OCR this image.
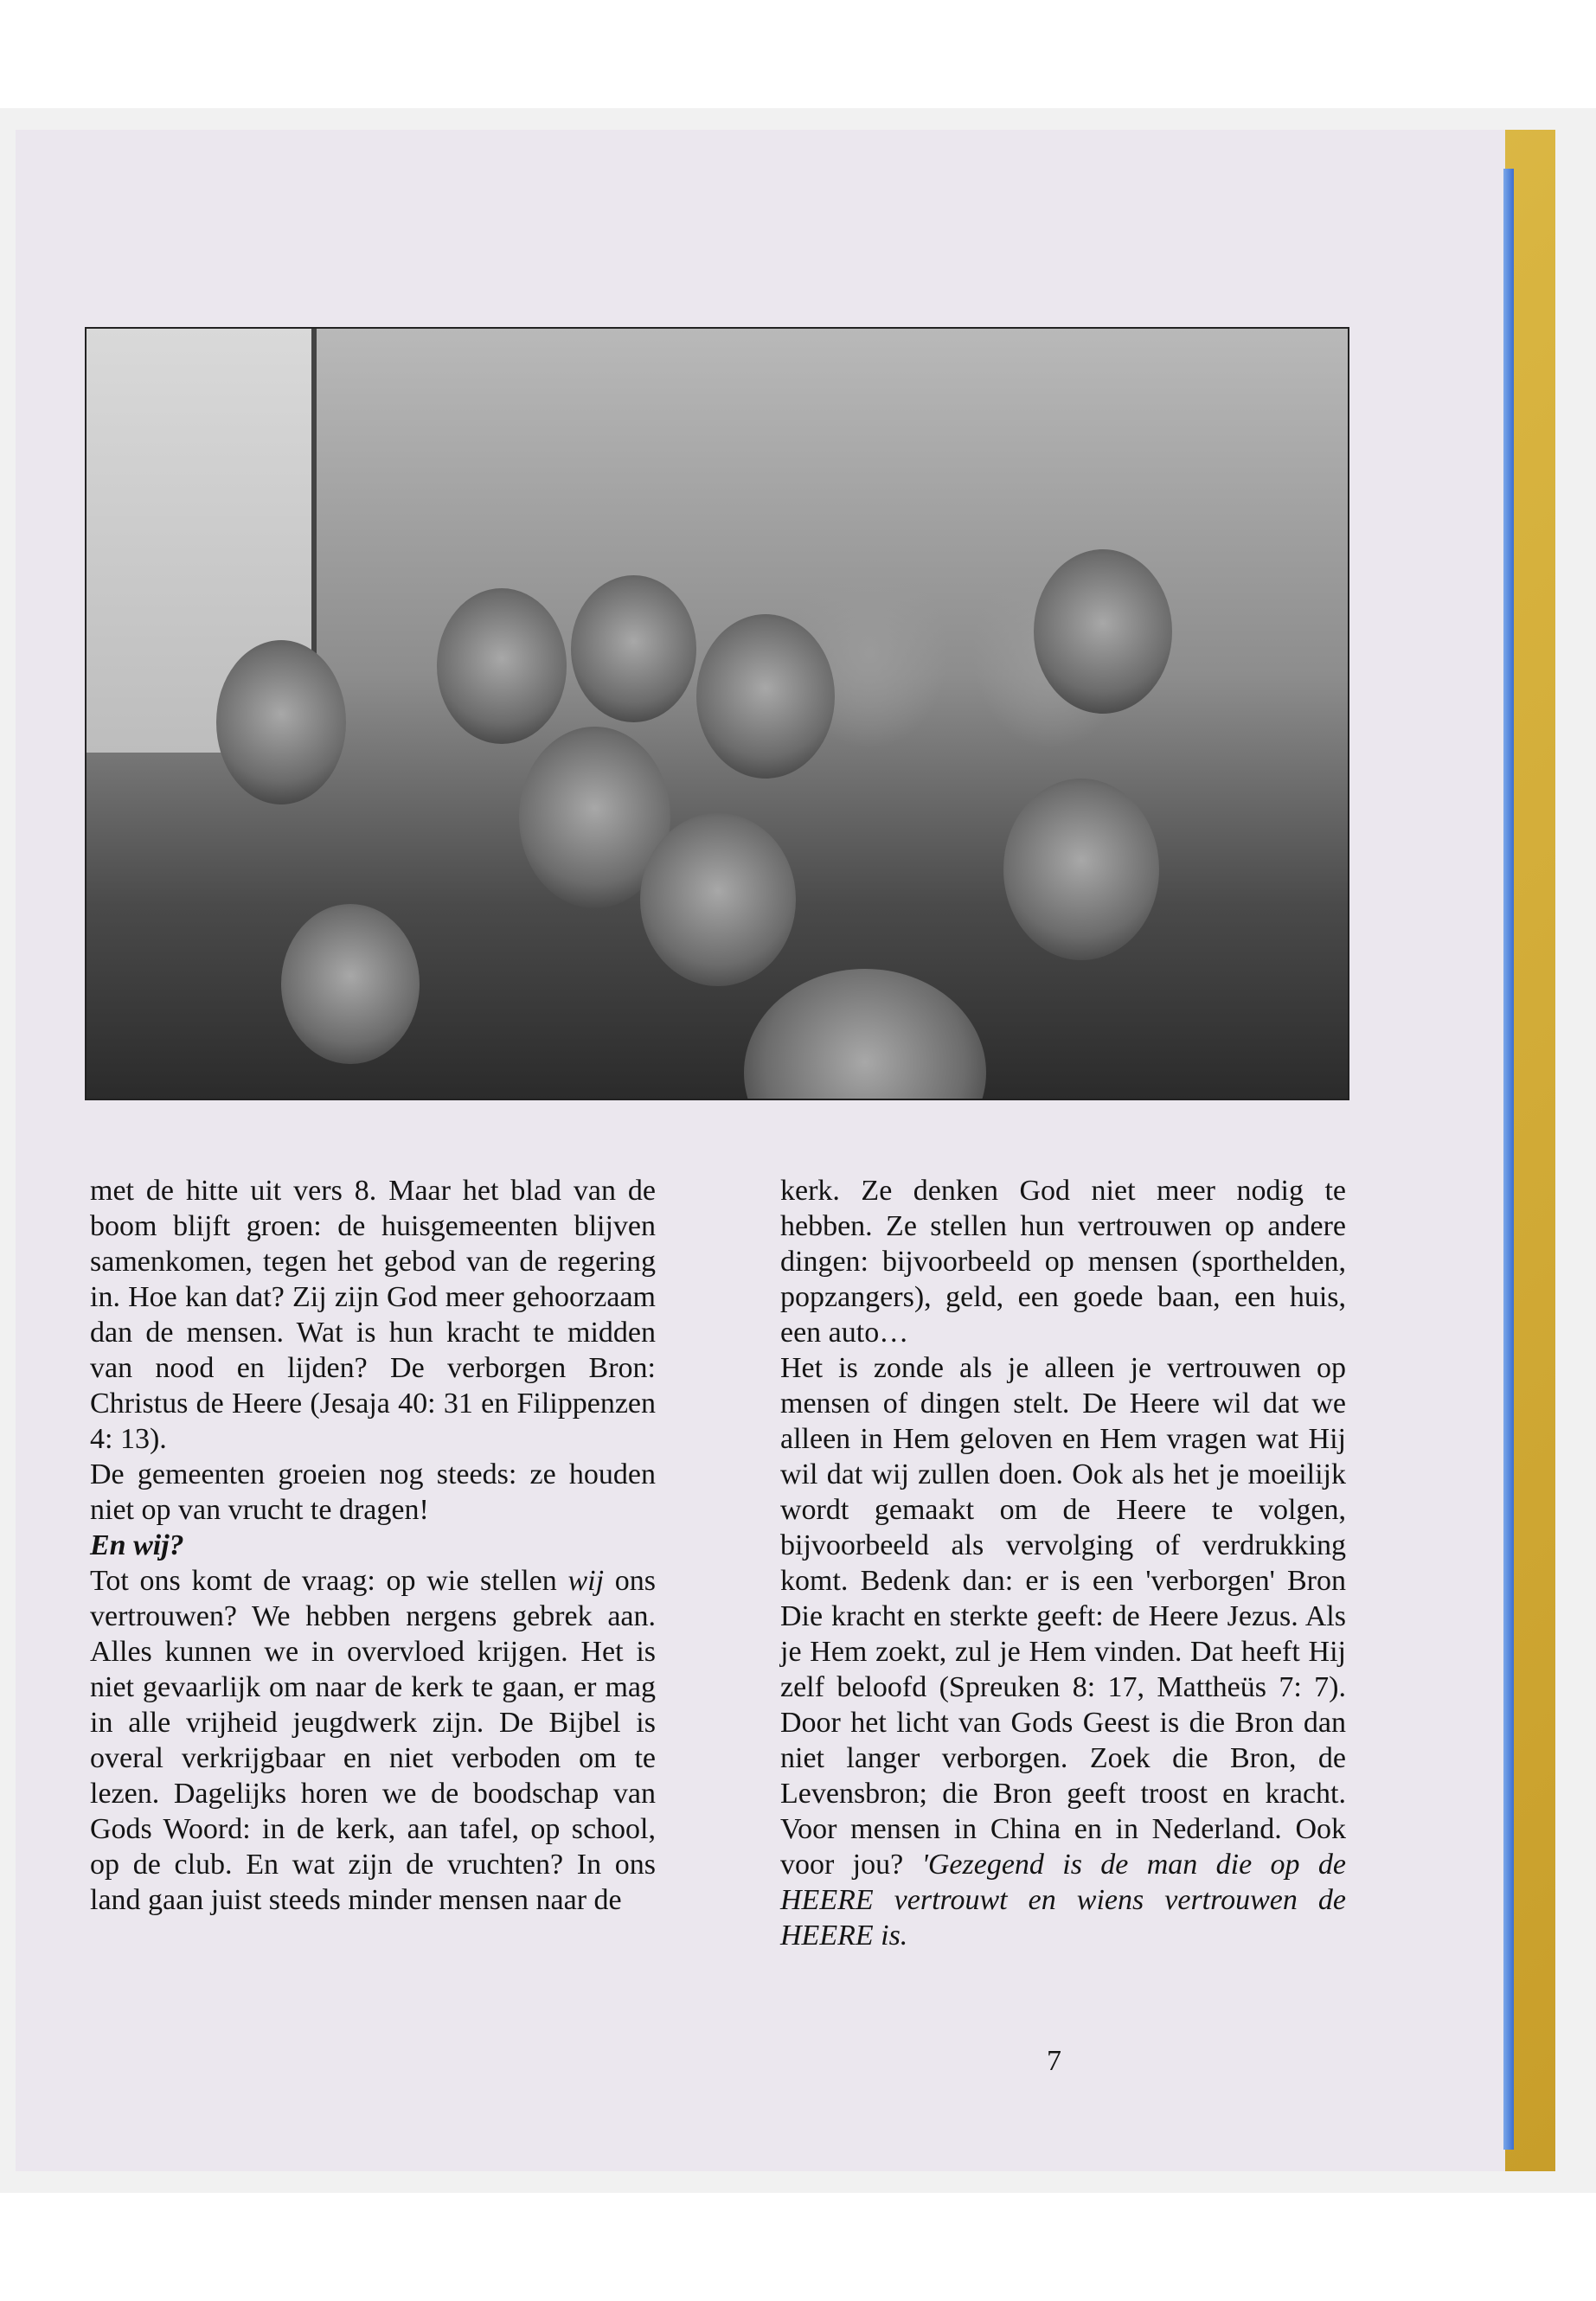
met de hitte uit vers 8. Maar het blad van de boom blijft groen: de huisgemeenten blijven samenkomen, tegen het gebod van de regering in. Hoe kan dat? Zij zijn God meer gehoorzaam dan de mensen. Wat is hun kracht te midden van nood en lijden? De verborgen Bron: Christus de Heere (Jesaja 40: 31 en Filippenzen 4: 13).

De gemeenten groeien nog steeds: ze houden niet op van vrucht te dragen!

En wij?

Tot ons komt de vraag: op wie stellen wij ons vertrouwen? We hebben nergens gebrek aan. Alles kunnen we in overvloed krijgen. Het is niet gevaarlijk om naar de kerk te gaan, er mag in alle vrijheid jeugdwerk zijn. De Bijbel is overal verkrijgbaar en niet verboden om te lezen. Dagelijks horen we de boodschap van Gods Woord: in de kerk, aan tafel, op school, op de club. En wat zijn de vruchten? In ons land gaan juist steeds minder mensen naar de

kerk. Ze denken God niet meer nodig te hebben. Ze stellen hun vertrouwen op andere dingen: bijvoorbeeld op mensen (sporthelden, popzangers), geld, een goede baan, een huis, een auto…

Het is zonde als je alleen je vertrouwen op mensen of dingen stelt. De Heere wil dat we alleen in Hem geloven en Hem vragen wat Hij wil dat wij zullen doen. Ook als het je moeilijk wordt gemaakt om de Heere te volgen, bijvoorbeeld als vervolging of verdrukking komt. Bedenk dan: er is een 'verborgen' Bron Die kracht en sterkte geeft: de Heere Jezus. Als je Hem zoekt, zul je Hem vinden. Dat heeft Hij zelf beloofd (Spreuken 8: 17, Mattheüs 7: 7). Door het licht van Gods Geest is die Bron dan niet langer verborgen. Zoek die Bron, de Levensbron; die Bron geeft troost en kracht. Voor mensen in China en in Nederland. Ook voor jou? 'Gezegend is de man die op de HEERE vertrouwt en wiens vertrouwen de HEERE is.

7
